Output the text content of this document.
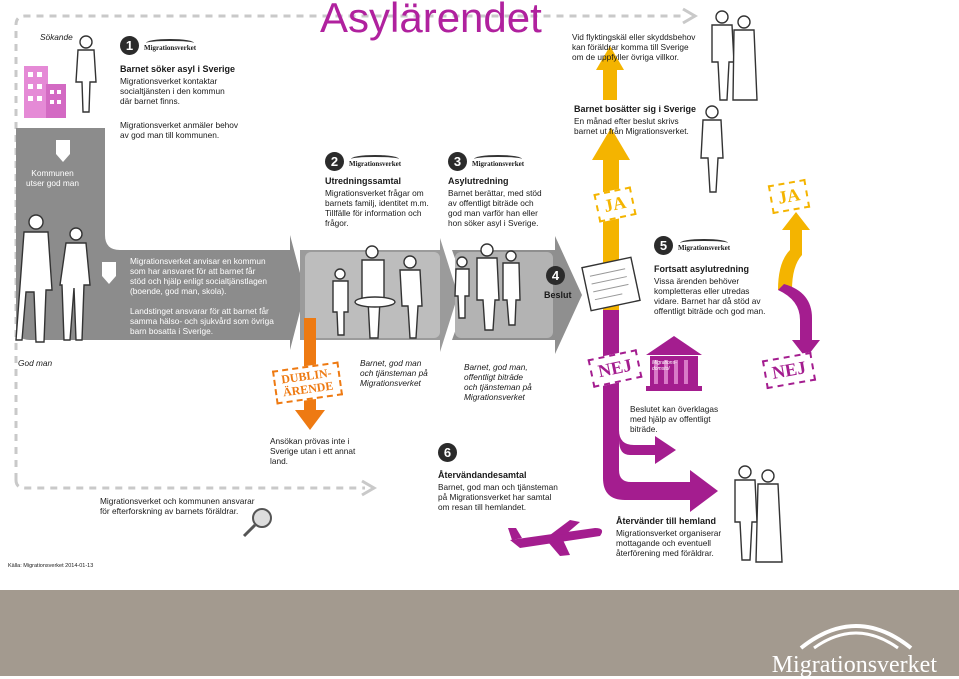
Asylärendet
Sökande
Kommunen
utser god man
God man
1	Migrationsverket
Barnet söker asyl i Sverige
Migrationsverket kontaktar
socialtjänsten i den kommun
där barnet finns.
Migrationsverket anmäler behov
av god man till kommunen.
2	Migrationsverket
Utredningssamtal
Migrationsverket frågar om
barnets familj, identitet m.m.
Tillfälle för information och
frågor.
3	Migrationsverket
Asylutredning
Barnet berättar, med stöd
av offentligt biträde och
god man varför han eller
hon söker asyl i Sverige.
Migrationsverket anvisar en kommun
som har ansvaret för att barnet får
stöd och hjälp enligt socialtjänstlagen
(boende, god man, skola).
Landstinget ansvarar för att barnet får
samma hälso- och sjukvård som övriga
barn bosatta i Sverige.
Barnet, god man
och tjänsteman på
Migrationsverket
Barnet, god man,
offentligt biträde
och tjänsteman på
Migrationsverket
4
Beslut
DUBLIN-
ÄRENDE
Ansökan prövas inte i
Sverige utan i ett annat
land.
Vid flyktingskäl eller skyddsbehov
kan föräldrar komma till Sverige
om de uppfyller övriga villkor.
Barnet bosätter sig i Sverige
En månad efter beslut skrivs
barnet ut från Migrationsverket.
JA	JA
NEJ	NEJ
5	Migrationsverket
Fortsatt asylutredning
Vissa ärenden behöver
kompletteras eller utredas
vidare. Barnet har då stöd av
offentligt biträde och god man.
Migrations-
domstol
Beslutet kan överklagas
med hjälp av offentligt
biträde.
6
Återvändandesamtal
Barnet, god man och tjänsteman
på Migrationsverket har samtal
om resan till hemlandet.
Återvänder till hemland
Migrationsverket organiserar
mottagande och eventuell
återförening med föräldrar.
Migrationsverket och kommunen ansvarar
för efterforskning av barnets föräldrar.
Källa: Migrationsverket 2014-01-13
Migrationsverket
